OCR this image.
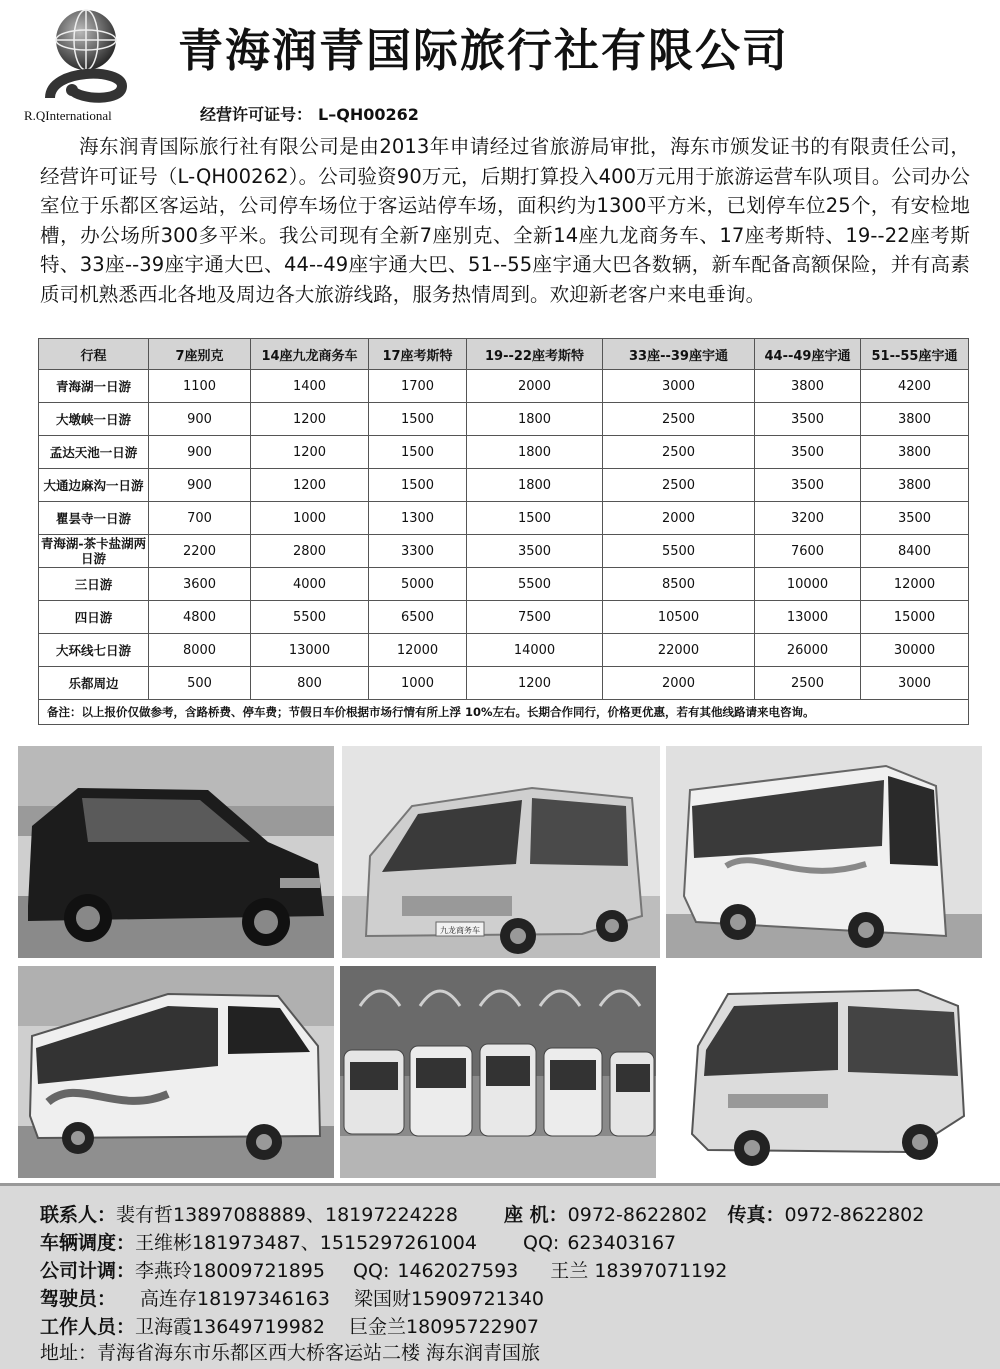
R.QInternational
青海润青国际旅行社有限公司
经营许可证号： L–QH00262
海东润青国际旅行社有限公司是由2013年申请经过省旅游局审批，海东市颁发证书的有限责任公司，经营许可证号（L-QH00262）。公司验资90万元，后期打算投入400万元用于旅游运营车队项目。公司办公室位于乐都区客运站，公司停车场位于客运站停车场，面积约为1300平方米，已划停车位25个，有安检地槽，办公场所300多平米。我公司现有全新7座别克、全新14座九龙商务车、17座考斯特、19--22座考斯特、33座--39座宇通大巴、44--49座宇通大巴、51--55座宇通大巴各数辆，新车配备高额保险，并有高素质司机熟悉西北各地及周边各大旅游线路，服务热情周到。欢迎新老客户来电垂询。
行程	7座别克	14座九龙商务车	17座考斯特	19--22座考斯特	33座--39座宇通	44--49座宇通	51--55座宇通
青海湖一日游	1100	1400	1700	2000	3000	3800	4200
大墩峡一日游	900	1200	1500	1800	2500	3500	3800
孟达天池一日游	900	1200	1500	1800	2500	3500	3800
大通边麻沟一日游	900	1200	1500	1800	2500	3500	3800
瞿昙寺一日游	700	1000	1300	1500	2000	3200	3500
青海湖-茶卡盐湖两日游	2200	2800	3300	3500	5500	7600	8400
三日游	3600	4000	5000	5500	8500	10000	12000
四日游	4800	5500	6500	7500	10500	13000	15000
大环线七日游	8000	13000	12000	14000	22000	26000	30000
乐都周边	500	800	1000	1200	2000	2500	3000
备注：以上报价仅做参考，含路桥费、停车费；节假日车价根据市场行情有所上浮 10%左右。长期合作同行，价格更优惠，若有其他线路请来电咨询。							
九龙商务车
联系人：裴有哲13897088889、18197224228 座 机：0972-8622802 传真：0972-8622802
车辆调度：王维彬181973487、15152972610​04 QQ: 623403167
公司计调：李燕玲18009721895 QQ: 1462027593 王兰 18397071192
驾驶员： 高连存18197346163 梁国财15909721340
工作人员：卫海霞13649719982 巨金兰18095722907
地址：青海省海东市乐都区西大桥客运站二楼 海东润青国旅
